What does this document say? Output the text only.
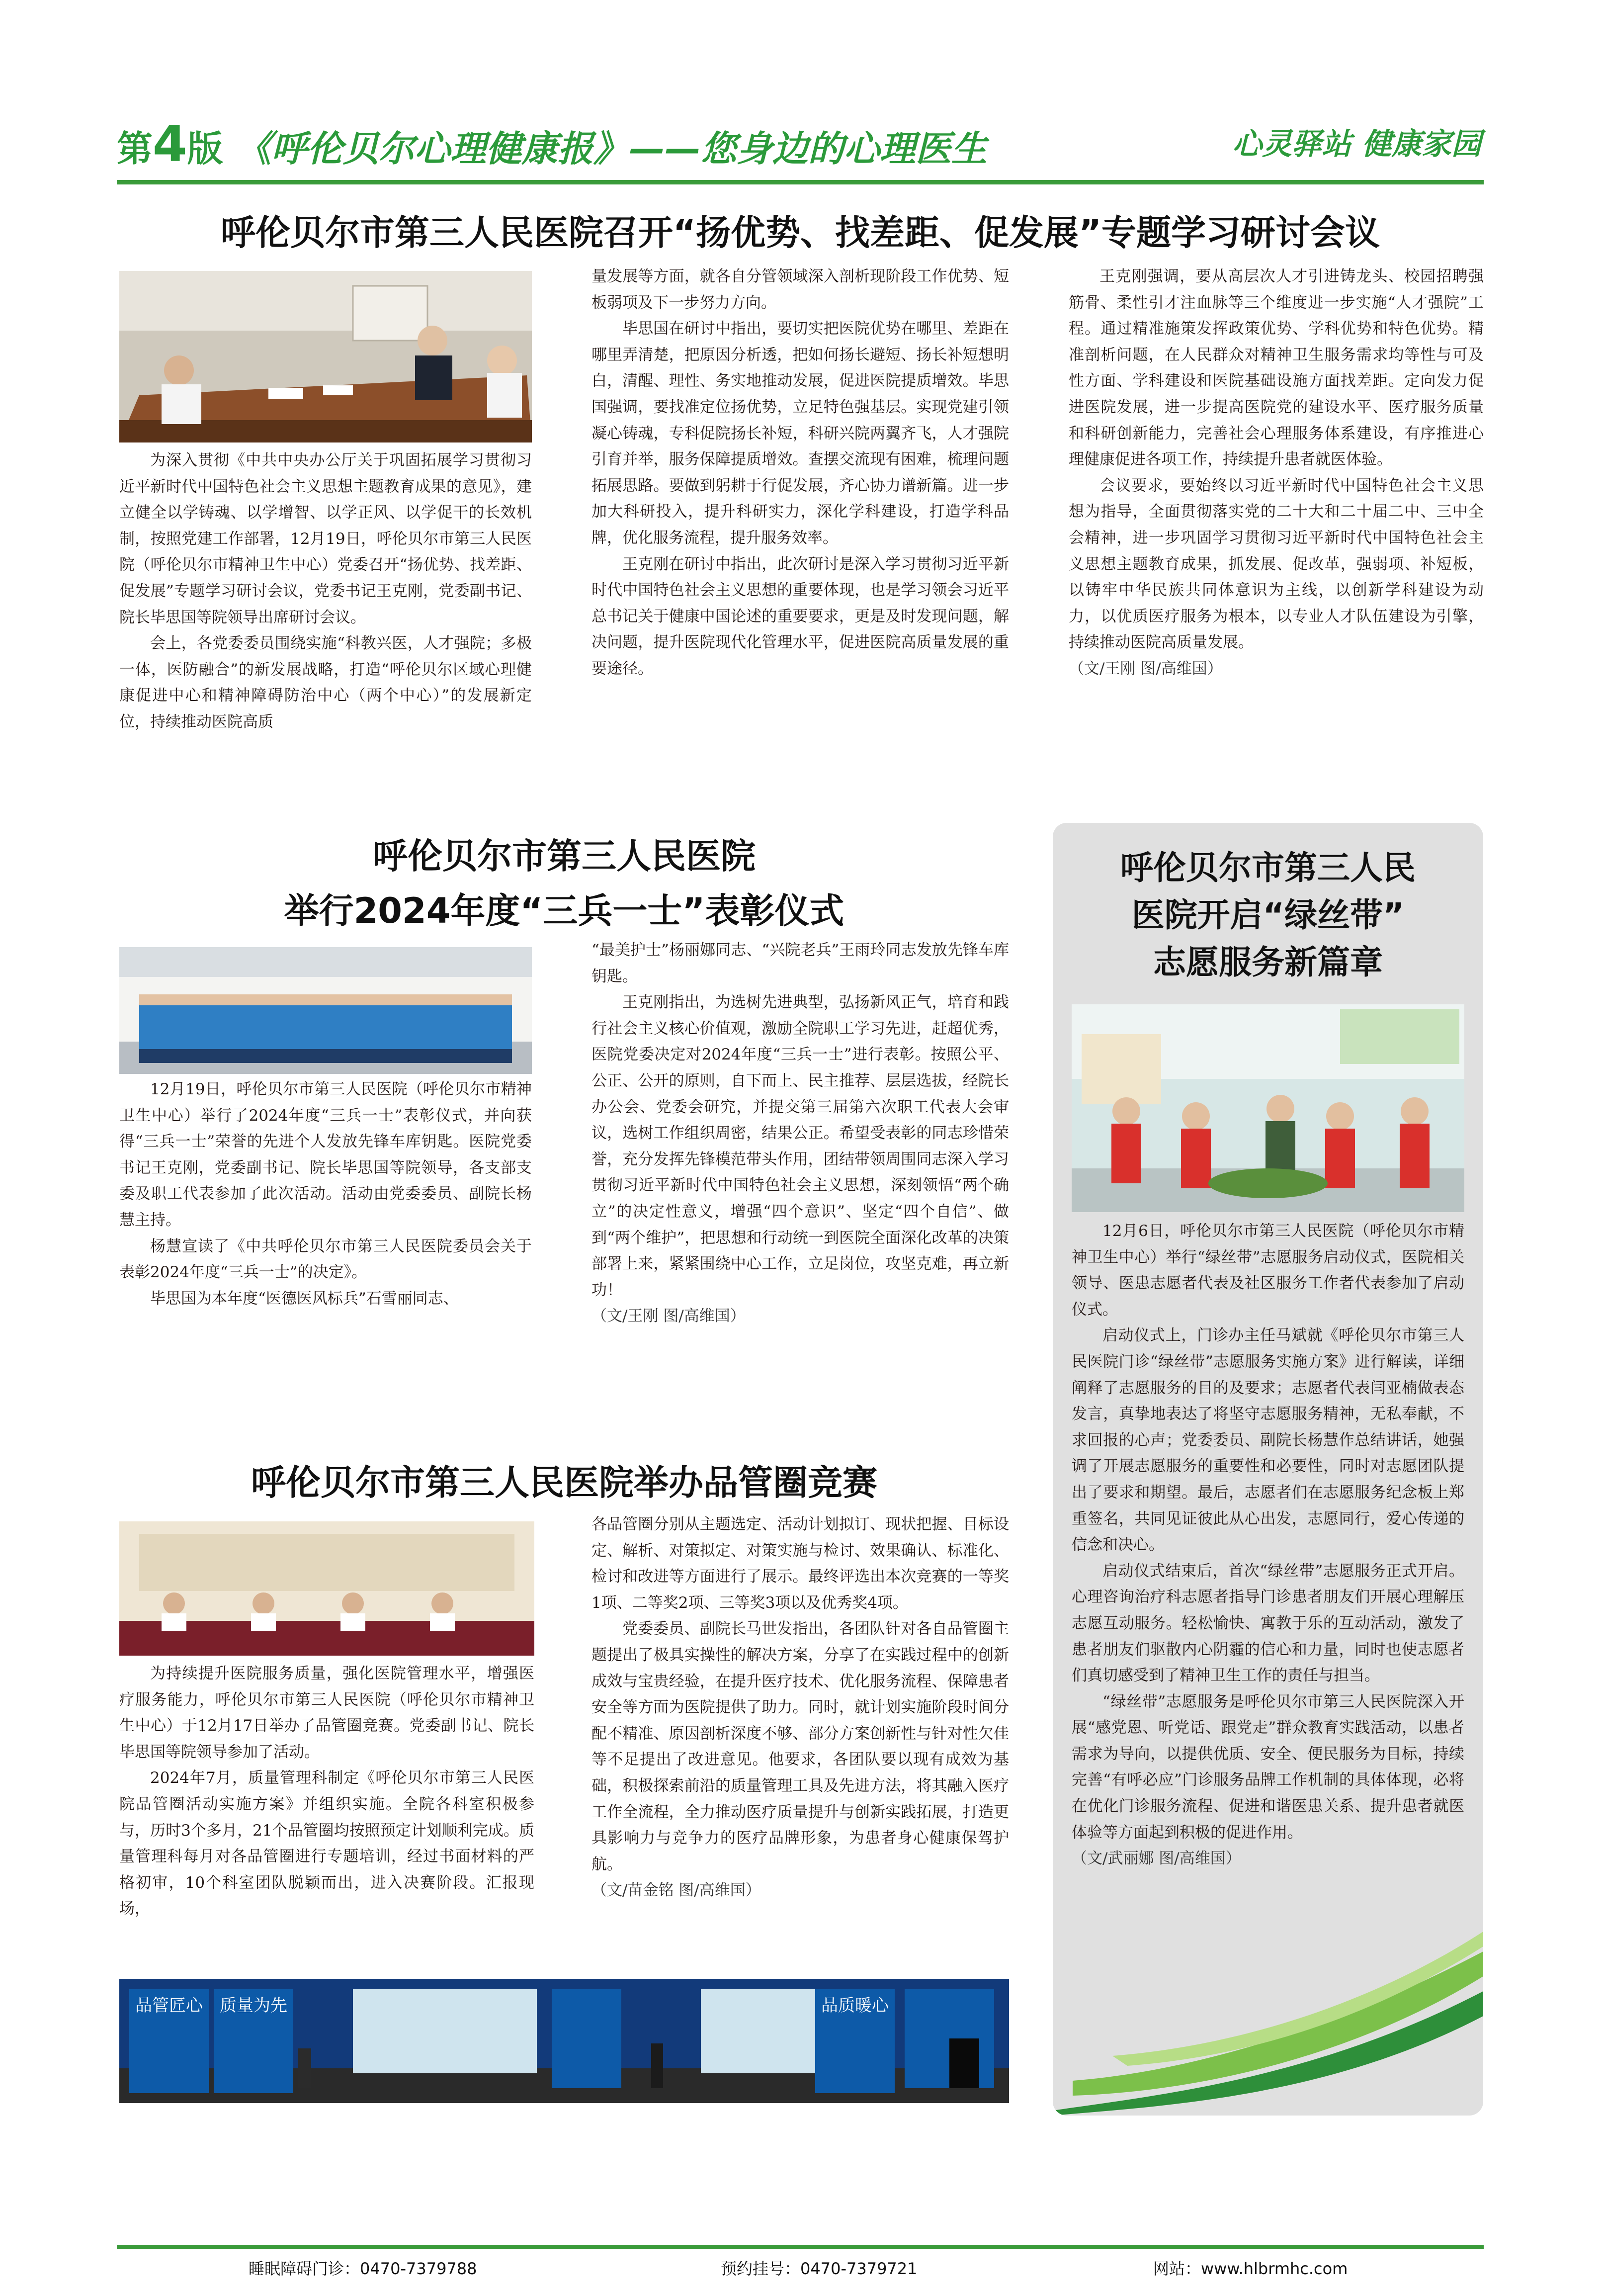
第4版 《呼伦贝尔心理健康报》——您身边的心理医生	心灵驿站 健康家园
呼伦贝尔市第三人民医院召开“扬优势、找差距、促发展”专题学习研讨会议

为深入贯彻《中共中央办公厅关于巩固拓展学习贯彻习近平新时代中国特色社会主义思想主题教育成果的意见》，建立健全以学铸魂、以学增智、以学正风、以学促干的长效机制，按照党建工作部署，12月19日，呼伦贝尔市第三人民医院（呼伦贝尔市精神卫生中心）党委召开“扬优势、找差距、促发展”专题学习研讨会议，党委书记王克刚，党委副书记、院长毕思国等院领导出席研讨会议。

会上，各党委委员围绕实施“科教兴医，人才强院；多极一体，医防融合”的新发展战略，打造“呼伦贝尔区域心理健康促进中心和精神障碍防治中心（两个中心）”的发展新定位，持续推动医院高质

量发展等方面，就各自分管领域深入剖析现阶段工作优势、短板弱项及下一步努力方向。

毕思国在研讨中指出，要切实把医院优势在哪里、差距在哪里弄清楚，把原因分析透，把如何扬长避短、扬长补短想明白，清醒、理性、务实地推动发展，促进医院提质增效。毕思国强调，要找准定位扬优势，立足特色强基层。实现党建引领凝心铸魂，专科促院扬长补短，科研兴院两翼齐飞，人才强院引育并举，服务保障提质增效。查摆交流现有困难，梳理问题拓展思路。要做到躬耕于行促发展，齐心协力谱新篇。进一步加大科研投入，提升科研实力，深化学科建设，打造学科品牌，优化服务流程，提升服务效率。

王克刚在研讨中指出，此次研讨是深入学习贯彻习近平新时代中国特色社会主义思想的重要体现，也是学习领会习近平总书记关于健康中国论述的重要要求，更是及时发现问题，解决问题，提升医院现代化管理水平，促进医院高质量发展的重要途径。

王克刚强调，要从高层次人才引进铸龙头、校园招聘强筋骨、柔性引才注血脉等三个维度进一步实施“人才强院”工程。通过精准施策发挥政策优势、学科优势和特色优势。精准剖析问题，在人民群众对精神卫生服务需求均等性与可及性方面、学科建设和医院基础设施方面找差距。定向发力促进医院发展，进一步提高医院党的建设水平、医疗服务质量和科研创新能力，完善社会心理服务体系建设，有序推进心理健康促进各项工作，持续提升患者就医体验。

会议要求，要始终以习近平新时代中国特色社会主义思想为指导，全面贯彻落实党的二十大和二十届二中、三中全会精神，进一步巩固学习贯彻习近平新时代中国特色社会主义思想主题教育成果，抓发展、促改革，强弱项、补短板，以铸牢中华民族共同体意识为主线，以创新学科建设为动力，以优质医疗服务为根本，以专业人才队伍建设为引擎，持续推动医院高质量发展。

（文/王刚 图/高维国）

呼伦贝尔市第三人民医院
举行2024年度“三兵一士”表彰仪式

12月19日，呼伦贝尔市第三人民医院（呼伦贝尔市精神卫生中心）举行了2024年度“三兵一士”表彰仪式，并向获得“三兵一士”荣誉的先进个人发放先锋车库钥匙。医院党委书记王克刚，党委副书记、院长毕思国等院领导，各支部支委及职工代表参加了此次活动。活动由党委委员、副院长杨慧主持。

杨慧宣读了《中共呼伦贝尔市第三人民医院委员会关于表彰2024年度“三兵一士”的决定》。

毕思国为本年度“医德医风标兵”石雪丽同志、

“最美护士”杨丽娜同志、“兴院老兵”王雨玲同志发放先锋车库钥匙。

王克刚指出，为选树先进典型，弘扬新风正气，培育和践行社会主义核心价值观，激励全院职工学习先进，赶超优秀，医院党委决定对2024年度“三兵一士”进行表彰。按照公平、公正、公开的原则，自下而上、民主推荐、层层选拔，经院长办公会、党委会研究，并提交第三届第六次职工代表大会审议，选树工作组织周密，结果公正。希望受表彰的同志珍惜荣誉，充分发挥先锋模范带头作用，团结带领周围同志深入学习贯彻习近平新时代中国特色社会主义思想，深刻领悟“两个确立”的决定性意义，增强“四个意识”、坚定“四个自信”、做到“两个维护”，把思想和行动统一到医院全面深化改革的决策部署上来，紧紧围绕中心工作，立足岗位，攻坚克难，再立新功！

（文/王刚 图/高维国）

呼伦贝尔市第三人民医院举办品管圈竞赛

为持续提升医院服务质量，强化医院管理水平，增强医疗服务能力，呼伦贝尔市第三人民医院（呼伦贝尔市精神卫生中心）于12月17日举办了品管圈竞赛。党委副书记、院长毕思国等院领导参加了活动。

2024年7月，质量管理科制定《呼伦贝尔市第三人民医院品管圈活动实施方案》并组织实施。全院各科室积极参与，历时3个多月，21个品管圈均按照预定计划顺利完成。质量管理科每月对各品管圈进行专题培训，经过书面材料的严格初审，10个科室团队脱颖而出，进入决赛阶段。汇报现场，

各品管圈分别从主题选定、活动计划拟订、现状把握、目标设定、解析、对策拟定、对策实施与检讨、效果确认、标准化、检讨和改进等方面进行了展示。最终评选出本次竞赛的一等奖1项、二等奖2项、三等奖3项以及优秀奖4项。

党委委员、副院长马世发指出，各团队针对各自品管圈主题提出了极具实操性的解决方案，分享了在实践过程中的创新成效与宝贵经验，在提升医疗技术、优化服务流程、保障患者安全等方面为医院提供了助力。同时，就计划实施阶段时间分配不精准、原因剖析深度不够、部分方案创新性与针对性欠佳等不足提出了改进意见。他要求，各团队要以现有成效为基础，积极探索前沿的质量管理工具及先进方法，将其融入医疗工作全流程，全力推动医疗质量提升与创新实践拓展，打造更具影响力与竞争力的医疗品牌形象，为患者身心健康保驾护航。

（文/苗金铭 图/高维国）

品管匠心	质量为先	品质暖心
呼伦贝尔市第三人民
医院开启“绿丝带”
志愿服务新篇章

12月6日，呼伦贝尔市第三人民医院（呼伦贝尔市精神卫生中心）举行“绿丝带”志愿服务启动仪式，医院相关领导、医患志愿者代表及社区服务工作者代表参加了启动仪式。

启动仪式上，门诊办主任马斌就《呼伦贝尔市第三人民医院门诊“绿丝带”志愿服务实施方案》进行解读，详细阐释了志愿服务的目的及要求；志愿者代表闫亚楠做表态发言，真挚地表达了将坚守志愿服务精神，无私奉献，不求回报的心声；党委委员、副院长杨慧作总结讲话，她强调了开展志愿服务的重要性和必要性，同时对志愿团队提出了要求和期望。最后，志愿者们在志愿服务纪念板上郑重签名，共同见证彼此从心出发，志愿同行，爱心传递的信念和决心。

启动仪式结束后，首次“绿丝带”志愿服务正式开启。心理咨询治疗科志愿者指导门诊患者朋友们开展心理解压志愿互动服务。轻松愉快、寓教于乐的互动活动，激发了患者朋友们驱散内心阴霾的信心和力量，同时也使志愿者们真切感受到了精神卫生工作的责任与担当。

“绿丝带”志愿服务是呼伦贝尔市第三人民医院深入开展“感党恩、听党话、跟党走”群众教育实践活动，以患者需求为导向，以提供优质、安全、便民服务为目标，持续完善“有呼必应”门诊服务品牌工作机制的具体体现，必将在优化门诊服务流程、促进和谐医患关系、提升患者就医体验等方面起到积极的促进作用。

（文/武丽娜 图/高维国）

睡眠障碍门诊：0470-7379788	预约挂号：0470-7379721	网站：www.hlbrmhc.com
